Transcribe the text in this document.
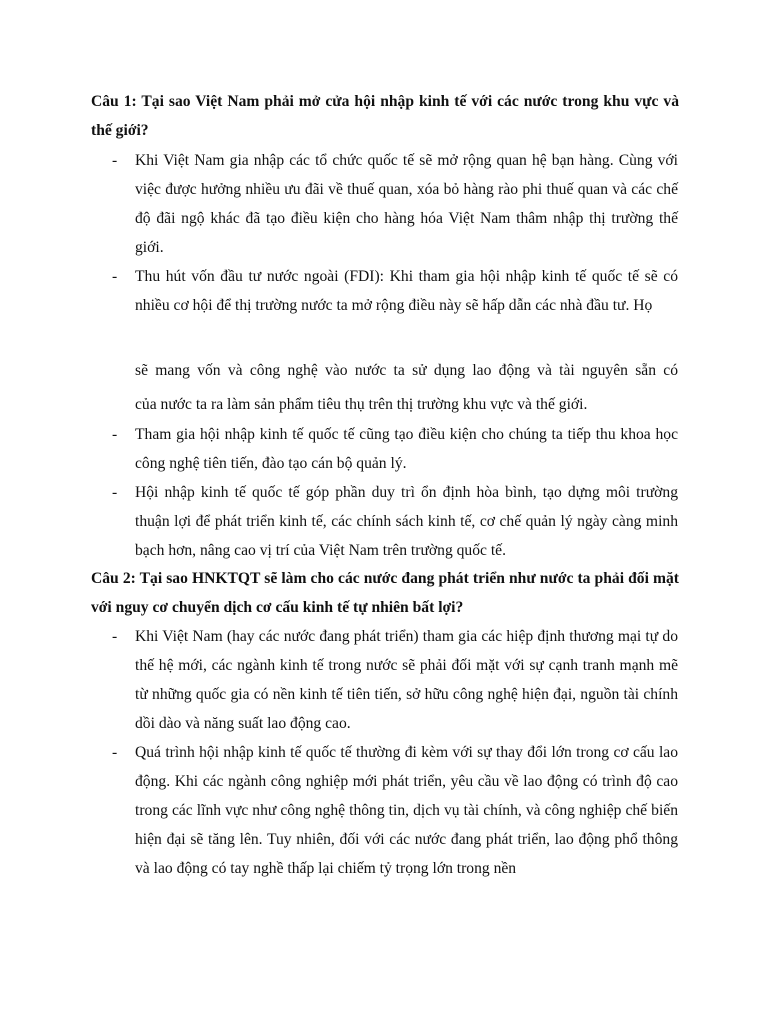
Câu 1: Tại sao Việt Nam phải mở cửa hội nhập kinh tế với các nước trong khu vực và thế giới?
-	Khi Việt Nam gia nhập các tổ chức quốc tế sẽ mở rộng quan hệ bạn hàng. Cùng với việc được hưởng nhiều ưu đãi về thuế quan, xóa bỏ hàng rào phi thuế quan và các chế độ đãi ngộ khác đã tạo điều kiện cho hàng hóa Việt Nam thâm nhập thị trường thế giới.
-	Thu hút vốn đầu tư nước ngoài (FDI): Khi tham gia hội nhập kinh tế quốc tế sẽ có nhiều cơ hội để thị trường nước ta mở rộng điều này sẽ hấp dẫn các nhà đầu tư. Họ
sẽ mang vốn và công nghệ vào nước ta sử dụng lao động và tài nguyên sẵn có
của nước ta ra làm sản phẩm tiêu thụ trên thị trường khu vực và thế giới.
-	Tham gia hội nhập kinh tế quốc tế cũng tạo điều kiện cho chúng ta tiếp thu khoa học công nghệ tiên tiến, đào tạo cán bộ quản lý.
-	Hội nhập kinh tế quốc tế góp phần duy trì ổn định hòa bình, tạo dựng môi trường thuận lợi để phát triển kinh tế, các chính sách kinh tế, cơ chế quản lý ngày càng minh bạch hơn, nâng cao vị trí của Việt Nam trên trường quốc tế.
Câu 2: Tại sao HNKTQT sẽ làm cho các nước đang phát triển như nước ta phải đối mặt với nguy cơ chuyển dịch cơ cấu kinh tế tự nhiên bất lợi?
-	Khi Việt Nam (hay các nước đang phát triển) tham gia các hiệp định thương mại tự do thế hệ mới, các ngành kinh tế trong nước sẽ phải đối mặt với sự cạnh tranh mạnh mẽ từ những quốc gia có nền kinh tế tiên tiến, sở hữu công nghệ hiện đại, nguồn tài chính dồi dào và năng suất lao động cao.
-	Quá trình hội nhập kinh tế quốc tế thường đi kèm với sự thay đổi lớn trong cơ cấu lao động. Khi các ngành công nghiệp mới phát triển, yêu cầu về lao động có trình độ cao trong các lĩnh vực như công nghệ thông tin, dịch vụ tài chính, và công nghiệp chế biến hiện đại sẽ tăng lên. Tuy nhiên, đối với các nước đang phát triển, lao động phổ thông và lao động có tay nghề thấp lại chiếm tỷ trọng lớn trong nền
